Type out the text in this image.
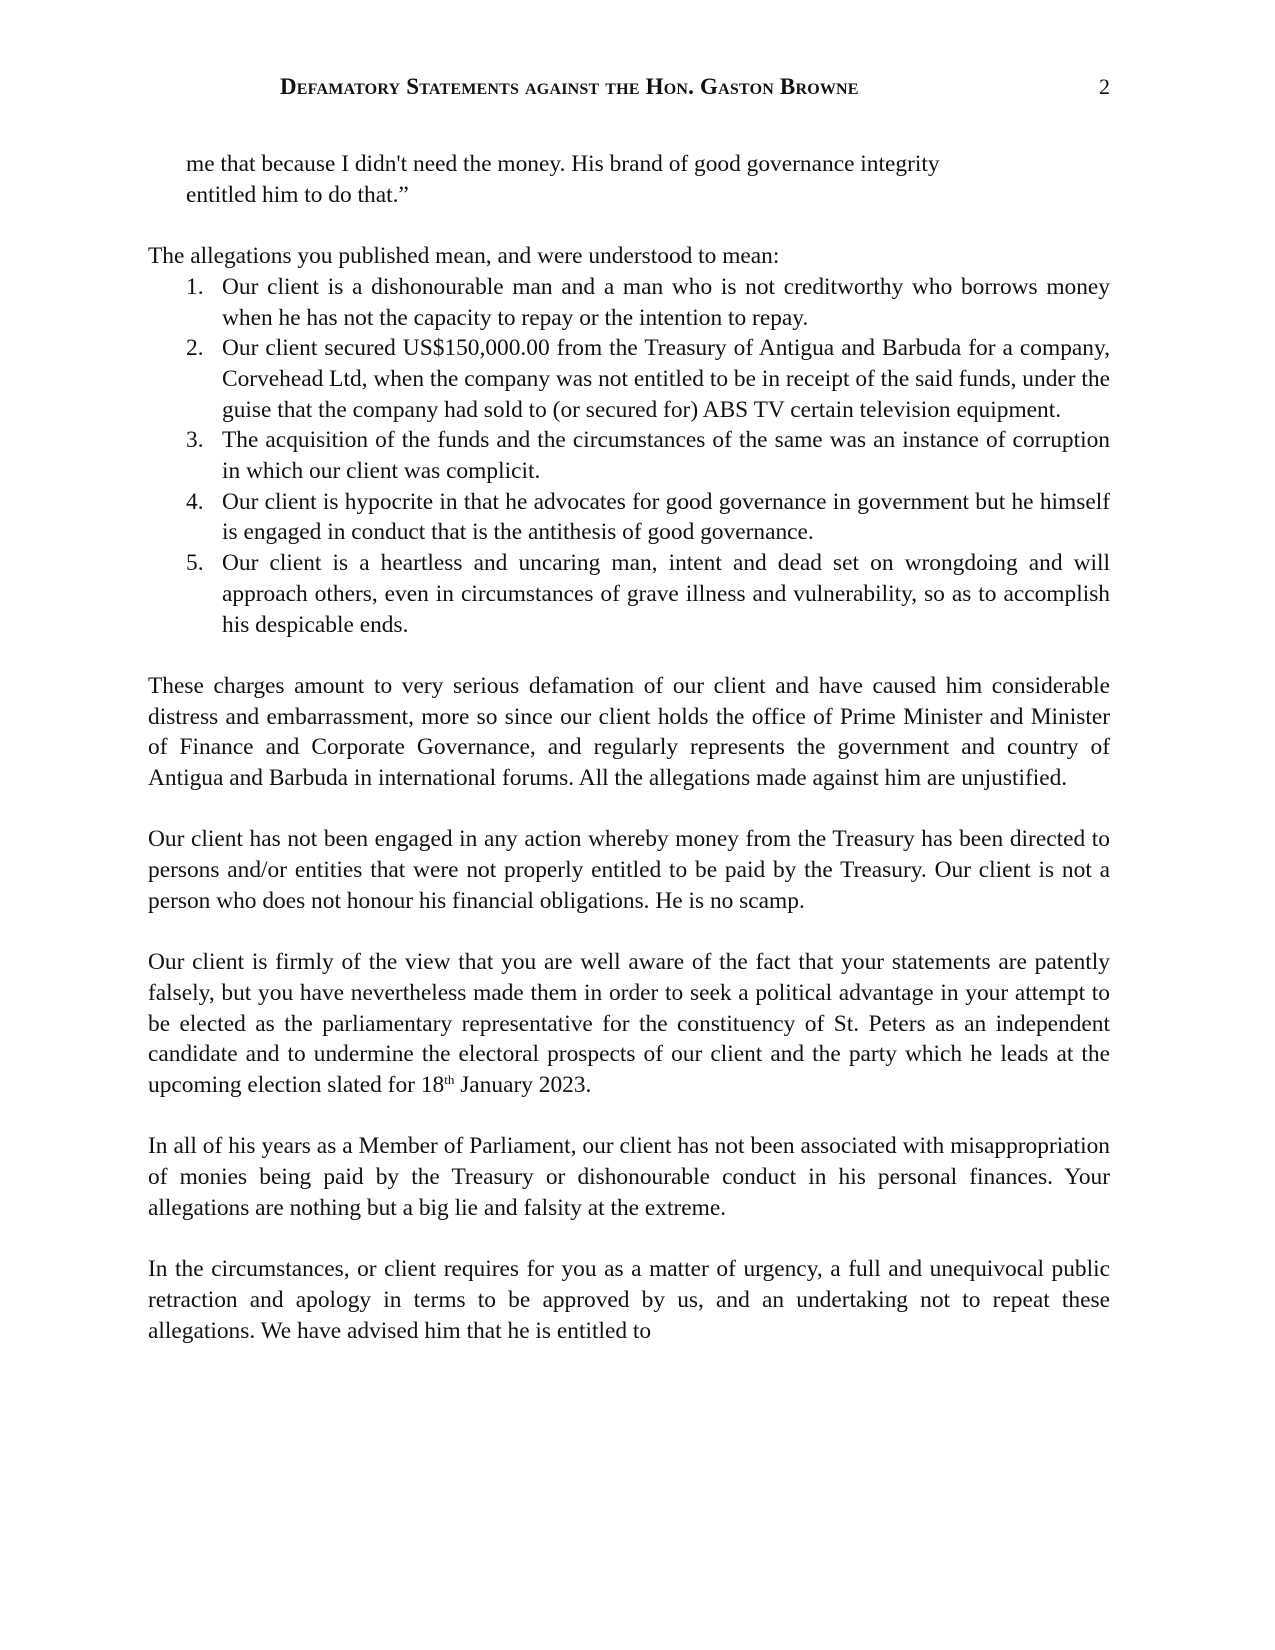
Defamatory Statements against the Hon. Gaston Browne	2

me that because I didn't need the money. His brand of good governance integrity

entitled him to do that.”

The allegations you published mean, and were understood to mean:

1. Our client is a dishonourable man and a man who is not creditworthy who borrows money when he has not the capacity to repay or the intention to repay.
2. Our client secured US$150,000.00 from the Treasury of Antigua and Barbuda for a company, Corvehead Ltd, when the company was not entitled to be in receipt of the said funds, under the guise that the company had sold to (or secured for) ABS TV certain television equipment.
3. The acquisition of the funds and the circumstances of the same was an instance of corruption in which our client was complicit.
4. Our client is hypocrite in that he advocates for good governance in government but he himself is engaged in conduct that is the antithesis of good governance.
5. Our client is a heartless and uncaring man, intent and dead set on wrongdoing and will approach others, even in circumstances of grave illness and vulnerability, so as to accomplish his despicable ends.

These charges amount to very serious defamation of our client and have caused him considerable distress and embarrassment, more so since our client holds the office of Prime Minister and Minister of Finance and Corporate Governance, and regularly represents the government and country of Antigua and Barbuda in international forums. All the allegations made against him are unjustified.

Our client has not been engaged in any action whereby money from the Treasury has been directed to persons and/or entities that were not properly entitled to be paid by the Treasury. Our client is not a person who does not honour his financial obligations. He is no scamp.

Our client is firmly of the view that you are well aware of the fact that your statements are patently falsely, but you have nevertheless made them in order to seek a political advantage in your attempt to be elected as the parliamentary representative for the constituency of St. Peters as an independent candidate and to undermine the electoral prospects of our client and the party which he leads at the upcoming election slated for 18th January 2023.

In all of his years as a Member of Parliament, our client has not been associated with misappropriation of monies being paid by the Treasury or dishonourable conduct in his personal finances. Your allegations are nothing but a big lie and falsity at the extreme.

In the circumstances, or client requires for you as a matter of urgency, a full and unequivocal public retraction and apology in terms to be approved by us, and an undertaking not to repeat these allegations. We have advised him that he is entitled to
